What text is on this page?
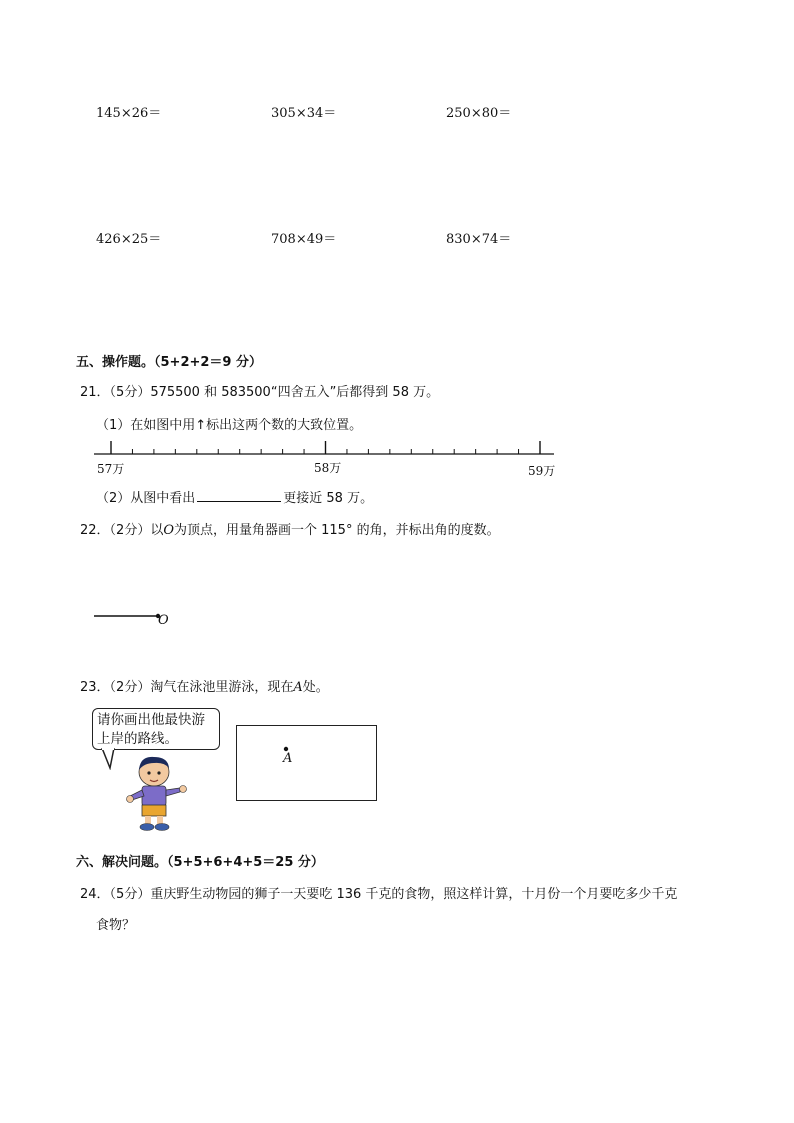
145×26＝	305×34＝	250×80＝
426×25＝	708×49＝	830×74＝
五、操作题。（5+2+2＝9 分）
21．（5分）575500 和 583500“四舍五入”后都得到 58 万。
（1）在如图中用↑标出这两个数的大致位置。
57万	58万	59万
（2）从图中看出	更接近 58 万。
22．（2分）以O为顶点，用量角器画一个 115° 的角，并标出角的度数。
O
23．（2分）淘气在泳池里游泳，现在A处。
请你画出他最快游上岸的路线。
A
六、解决问题。（5+5+6+4+5＝25 分）
24．（5分）重庆野生动物园的狮子一天要吃 136 千克的食物，照这样计算，十月份一个月要吃多少千克
食物？
